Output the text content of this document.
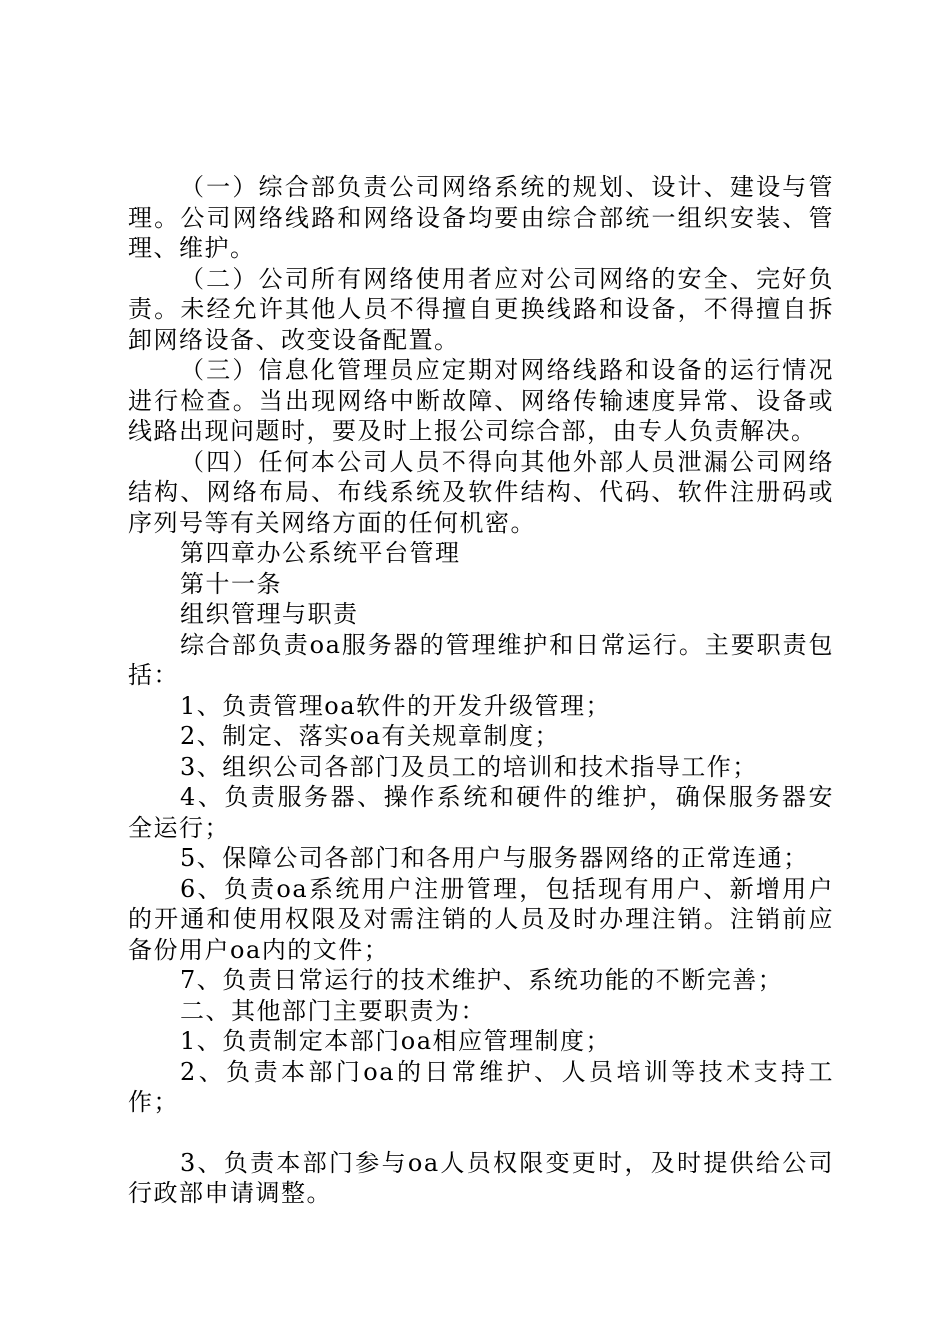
（一）综合部负责公司网络系统的规划、设计、建设与管理。公司网络线路和网络设备均要由综合部统一组织安装、管理、维护。

（二）公司所有网络使用者应对公司网络的安全、完好负责。未经允许其他人员不得擅自更换线路和设备，不得擅自拆卸网络设备、改变设备配置。

（三）信息化管理员应定期对网络线路和设备的运行情况进行检查。当出现网络中断故障、网络传输速度异常、设备或线路出现问题时，要及时上报公司综合部，由专人负责解决。

（四）任何本公司人员不得向其他外部人员泄漏公司网络结构、网络布局、布线系统及软件结构、代码、软件注册码或序列号等有关网络方面的任何机密。

第四章办公系统平台管理

第十一条

组织管理与职责

综合部负责oa服务器的管理维护和日常运行。主要职责包括：

1、负责管理oa软件的开发升级管理；

2、制定、落实oa有关规章制度；

3、组织公司各部门及员工的培训和技术指导工作；

4、负责服务器、操作系统和硬件的维护，确保服务器安全运行；

5、保障公司各部门和各用户与服务器网络的正常连通；

6、负责oa系统用户注册管理，包括现有用户、新增用户的开通和使用权限及对需注销的人员及时办理注销。注销前应备份用户oa内的文件；

7、负责日常运行的技术维护、系统功能的不断完善；

二、其他部门主要职责为：

1、负责制定本部门oa相应管理制度；

2、负责本部门oa的日常维护、人员培训等技术支持工作；

3、负责本部门参与oa人员权限变更时，及时提供给公司行政部申请调整。
